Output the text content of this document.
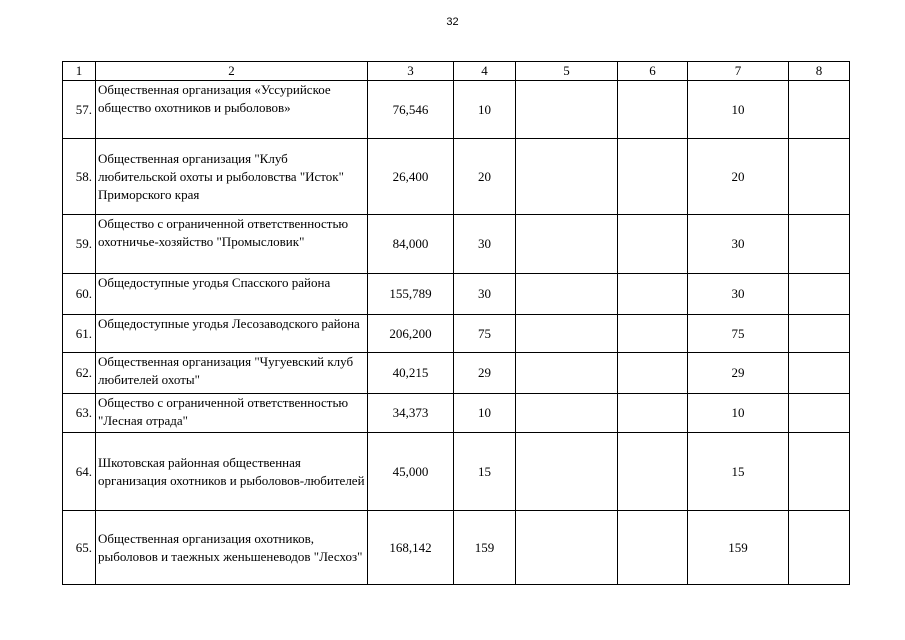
32
1	2	3	4	5	6	7	8
57.	Общественная организация «Уссурийское общество охотников и рыболовов»	76,546	10			10	
58.	Общественная организация "Клуб любительской охоты и рыболовства "Исток" Приморского края	26,400	20			20	
59.	Общество с ограниченной ответственностью охотничье-хозяйство "Промысловик"	84,000	30			30	
60.	Общедоступные угодья Спасского района	155,789	30			30	
61.	Общедоступные угодья Лесозаводского района	206,200	75			75	
62.	Общественная организация "Чугуевский клуб любителей охоты"	40,215	29			29	
63.	Общество с ограниченной ответственностью "Лесная отрада"	34,373	10			10	
64.	Шкотовская районная общественная организация охотников и рыболовов-любителей	45,000	15			15	
65.	Общественная организация охотников, рыболовов и таежных женьшеневодов "Лесхоз"	168,142	159			159	
